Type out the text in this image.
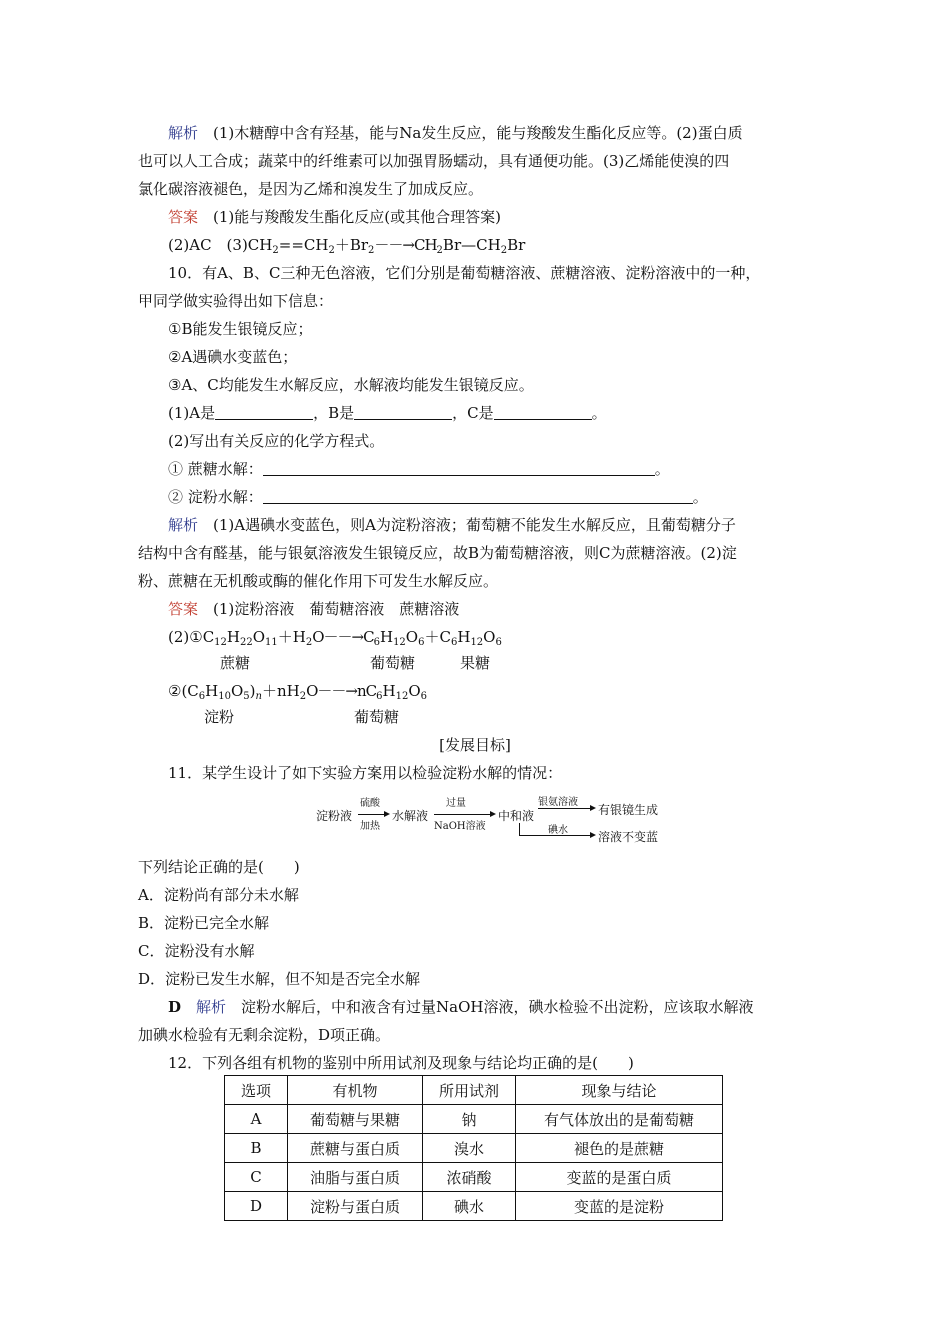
解析　(1)木糖醇中含有羟基，能与Na发生反应，能与羧酸发生酯化反应等。(2)蛋白质
也可以人工合成；蔬菜中的纤维素可以加强胃肠蠕动，具有通便功能。(3)乙烯能使溴的四
氯化碳溶液褪色，是因为乙烯和溴发生了加成反应。
答案　(1)能与羧酸发生酯化反应(或其他合理答案)
(2)AC　$(3)CH_2==CH_2+Br_2--\to CH_2Br—CH_2Br$
10．有A、B、C三种无色溶液，它们分别是葡萄糖溶液、蔗糖溶液、淀粉溶液中的一种，
甲同学做实验得出如下信息：
①B能发生银镜反应；
②A遇碘水变蓝色；
③A、C均能发生水解反应，水解液均能发生银镜反应。
(1)A是	，B是	，C是	。
(2)写出有关反应的化学方程式。
① 蔗糖水解：	。
② 淀粉水解：	。
解析　(1)A遇碘水变蓝色，则A为淀粉溶液；葡萄糖不能发生水解反应，且葡萄糖分子
结构中含有醛基，能与银氨溶液发生银镜反应，故B为葡萄糖溶液，则C为蔗糖溶液。(2)淀
粉、蔗糖在无机酸或酶的催化作用下可发生水解反应。
答案　(1)淀粉溶液　葡萄糖溶液　蔗糖溶液
$(2)①C_{12}H_{22}O_{11}+H_2O--\to C_6H_{12}O_6+C_6H_{12}O_6$
蔗糖　　　　　　　　葡萄糖　　　果糖
$②(C_6H_{10}O_5)_n+nH_2O--\to nC_6H_{12}O_6$
淀粉　　　　　　　　葡萄糖
[发展目标]
11．某学生设计了如下实验方案用以检验淀粉水解的情况：
淀粉液
硫酸
加热
水解液
过量
NaOH溶液
中和液
银氨溶液
有银镜生成
碘水	溶液不变蓝
下列结论正确的是(　　)
A．淀粉尚有部分未水解
B．淀粉已完全水解
C．淀粉没有水解
D．淀粉已发生水解，但不知是否完全水解
D　 解析　淀粉水解后，中和液含有过量NaOH溶液，碘水检验不出淀粉，应该取水解液
加碘水检验有无剩余淀粉，D项正确。
12．下列各组有机物的鉴别中所用试剂及现象与结论均正确的是(　　)
选项	有机物	所用试剂	现象与结论
A	葡萄糖与果糖	钠	有气体放出的是葡萄糖
B	蔗糖与蛋白质	溴水	褪色的是蔗糖
C	油脂与蛋白质	浓硝酸	变蓝的是蛋白质
D	淀粉与蛋白质	碘水	变蓝的是淀粉
